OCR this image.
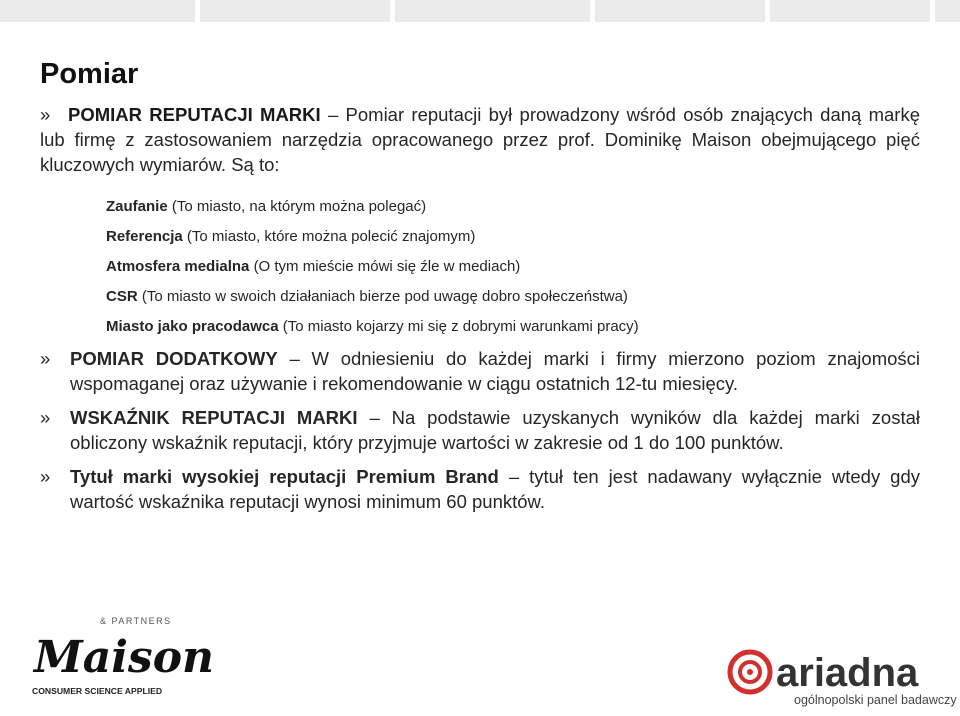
Pomiar
» POMIAR REPUTACJI MARKI – Pomiar reputacji był prowadzony wśród osób znających daną markę lub firmę z zastosowaniem narzędzia opracowanego przez prof. Dominikę Maison obejmującego pięć kluczowych wymiarów. Są to:
Zaufanie (To miasto, na którym można polegać)
Referencja (To miasto, które można polecić znajomym)
Atmosfera medialna (O tym mieście mówi się źle w mediach)
CSR (To miasto w swoich działaniach bierze pod uwagę dobro społeczeństwa)
Miasto jako pracodawca (To miasto kojarzy mi się z dobrymi warunkami pracy)
» POMIAR DODATKOWY – W odniesieniu do każdej marki i firmy mierzono poziom znajomości wspomaganej oraz używanie i rekomendowanie w ciągu ostatnich 12-tu miesięcy.
» WSKAŹNIK REPUTACJI MARKI – Na podstawie uzyskanych wyników dla każdej marki został obliczony wskaźnik reputacji, który przyjmuje wartości w zakresie od 1 do 100 punktów.
» Tytuł marki wysokiej reputacji Premium Brand – tytuł ten jest nadawany wyłącznie wtedy gdy wartość wskaźnika reputacji wynosi minimum 60 punktów.
& PARTNERS
Maison
CONSUMER SCIENCE APPLIED	ariadna
ogólnopolski panel badawczy
